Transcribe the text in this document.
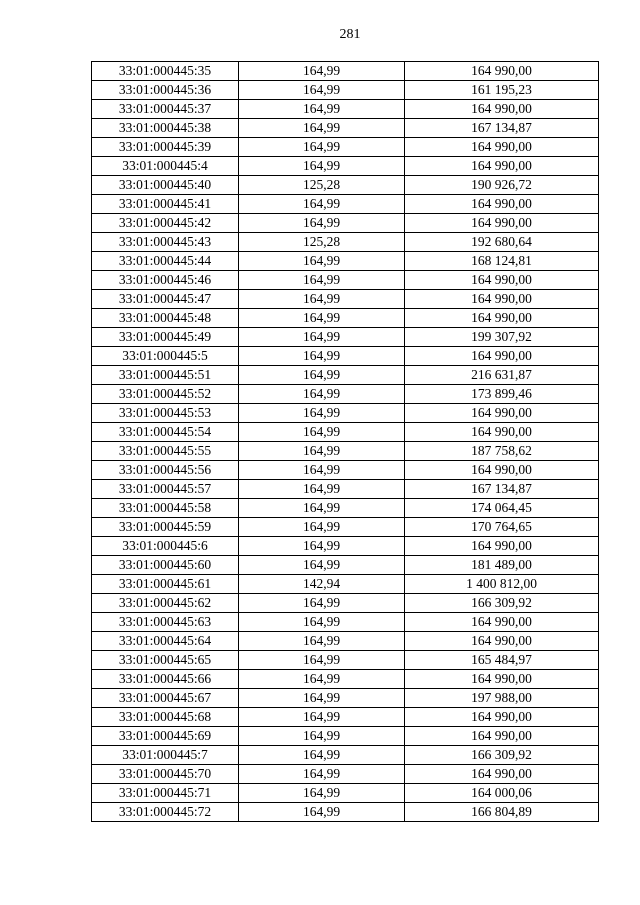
281
33:01:000445:35	164,99	164 990,00
33:01:000445:36	164,99	161 195,23
33:01:000445:37	164,99	164 990,00
33:01:000445:38	164,99	167 134,87
33:01:000445:39	164,99	164 990,00
33:01:000445:4	164,99	164 990,00
33:01:000445:40	125,28	190 926,72
33:01:000445:41	164,99	164 990,00
33:01:000445:42	164,99	164 990,00
33:01:000445:43	125,28	192 680,64
33:01:000445:44	164,99	168 124,81
33:01:000445:46	164,99	164 990,00
33:01:000445:47	164,99	164 990,00
33:01:000445:48	164,99	164 990,00
33:01:000445:49	164,99	199 307,92
33:01:000445:5	164,99	164 990,00
33:01:000445:51	164,99	216 631,87
33:01:000445:52	164,99	173 899,46
33:01:000445:53	164,99	164 990,00
33:01:000445:54	164,99	164 990,00
33:01:000445:55	164,99	187 758,62
33:01:000445:56	164,99	164 990,00
33:01:000445:57	164,99	167 134,87
33:01:000445:58	164,99	174 064,45
33:01:000445:59	164,99	170 764,65
33:01:000445:6	164,99	164 990,00
33:01:000445:60	164,99	181 489,00
33:01:000445:61	142,94	1 400 812,00
33:01:000445:62	164,99	166 309,92
33:01:000445:63	164,99	164 990,00
33:01:000445:64	164,99	164 990,00
33:01:000445:65	164,99	165 484,97
33:01:000445:66	164,99	164 990,00
33:01:000445:67	164,99	197 988,00
33:01:000445:68	164,99	164 990,00
33:01:000445:69	164,99	164 990,00
33:01:000445:7	164,99	166 309,92
33:01:000445:70	164,99	164 990,00
33:01:000445:71	164,99	164 000,06
33:01:000445:72	164,99	166 804,89
